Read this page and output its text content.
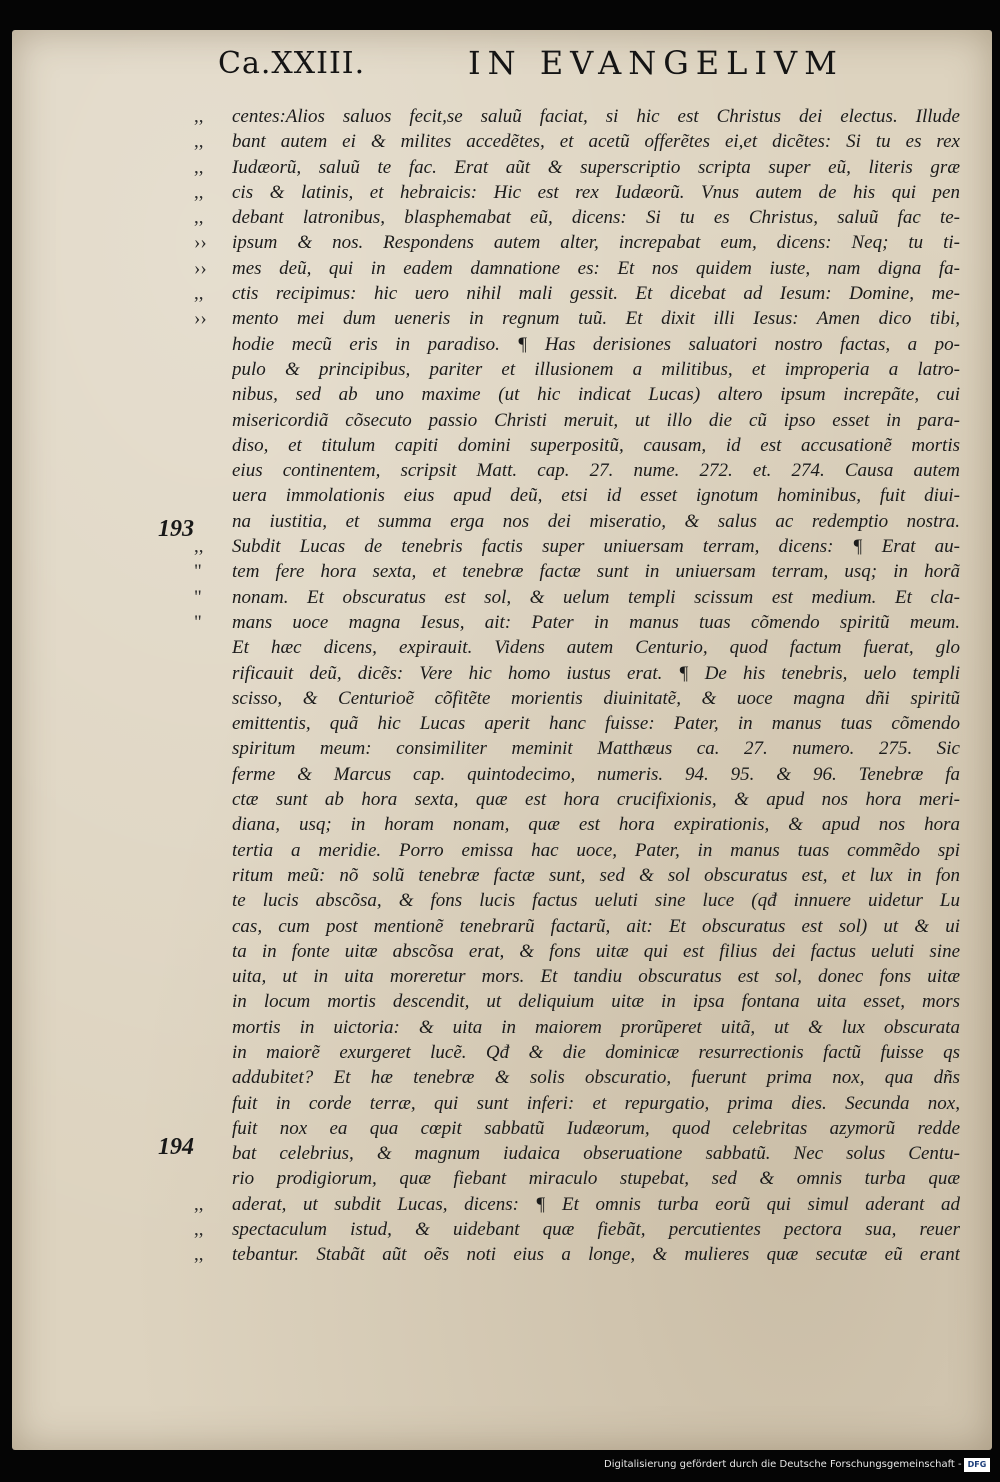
Ca.XXIII.	IN EVANGELIVM
,,
,,
,,
,,
,,
››
››
,,
››
,,
"
"
"
,,
,,
,,
193
194
centes:Alios saluos fecit,se saluũ faciat, si hic est Christus dei electus. Illude
bant autem ei & milites accedẽtes, et acetũ offerẽtes ei,et dicẽtes: Si tu es rex
Iudæorũ, saluũ te fac. Erat aũt & superscriptio scripta super eũ, literis græ
cis & latinis, et hebraicis: Hic est rex Iudæorũ. Vnus autem de his qui pen
debant latronibus, blasphemabat eũ, dicens: Si tu es Christus, saluũ fac te-
ipsum & nos. Respondens autem alter, increpabat eum, dicens: Neq; tu ti-
mes deũ, qui in eadem damnatione es: Et nos quidem iuste, nam digna fa-
ctis recipimus: hic uero nihil mali gessit. Et dicebat ad Iesum: Domine, me-
mento mei dum ueneris in regnum tuũ. Et dixit illi Iesus: Amen dico tibi,
hodie mecũ eris in paradiso. ¶ Has derisiones saluatori nostro factas, a po-
pulo & principibus, pariter et illusionem a militibus, et improperia a latro-
nibus, sed ab uno maxime (ut hic indicat Lucas) altero ipsum increpãte, cui
misericordiã cõsecuto passio Christi meruit, ut illo die cũ ipso esset in para-
diso, et titulum capiti domini superpositũ, causam, id est accusationẽ mortis
eius continentem, scripsit Matt. cap. 27. nume. 272. et. 274. Causa autem
uera immolationis eius apud deũ, etsi id esset ignotum hominibus, fuit diui-
na iustitia, et summa erga nos dei miseratio, & salus ac redemptio nostra.
Subdit Lucas de tenebris factis super uniuersam terram, dicens: ¶ Erat au-
tem fere hora sexta, et tenebræ factæ sunt in uniuersam terram, usq; in horã
nonam. Et obscuratus est sol, & uelum templi scissum est medium. Et cla-
mans uoce magna Iesus, ait: Pater in manus tuas cõmendo spiritũ meum.
Et hæc dicens, expirauit. Videns autem Centurio, quod factum fuerat, glo
rificauit deũ, dicẽs: Vere hic homo iustus erat. ¶ De his tenebris, uelo templi
scisso, & Centurioẽ cõfitẽte morientis diuinitatẽ, & uoce magna dñi spiritũ
emittentis, quã hic Lucas aperit hanc fuisse: Pater, in manus tuas cõmendo
spiritum meum: consimiliter meminit Matthæus ca. 27. numero. 275. Sic
ferme & Marcus cap. quintodecimo, numeris. 94. 95. & 96. Tenebræ fa
ctæ sunt ab hora sexta, quæ est hora crucifixionis, & apud nos hora meri-
diana, usq; in horam nonam, quæ est hora expirationis, & apud nos hora
tertia a meridie. Porro emissa hac uoce, Pater, in manus tuas commẽdo spi
ritum meũ: nõ solũ tenebræ factæ sunt, sed & sol obscuratus est, et lux in fon
te lucis abscõsa, & fons lucis factus ueluti sine luce (qđ innuere uidetur Lu
cas, cum post mentionẽ tenebrarũ factarũ, ait: Et obscuratus est sol) ut & ui
ta in fonte uitæ abscõsa erat, & fons uitæ qui est filius dei factus ueluti sine
uita, ut in uita moreretur mors. Et tandiu obscuratus est sol, donec fons uitæ
in locum mortis descendit, ut deliquium uitæ in ipsa fontana uita esset, mors
mortis in uictoria: & uita in maiorem prorũperet uitã, ut & lux obscurata
in maiorẽ exurgeret lucẽ. Qđ & die dominicæ resurrectionis factũ fuisse qs
addubitet? Et hæ tenebræ & solis obscuratio, fuerunt prima nox, qua dñs
fuit in corde terræ, qui sunt inferi: et repurgatio, prima dies. Secunda nox,
fuit nox ea qua cœpit sabbatũ Iudæorum, quod celebritas azymorũ redde
bat celebrius, & magnum iudaica obseruatione sabbatũ. Nec solus Centu-
rio prodigiorum, quæ fiebant miraculo stupebat, sed & omnis turba quæ
aderat, ut subdit Lucas, dicens: ¶ Et omnis turba eorũ qui simul aderant ad
spectaculum istud, & uidebant quæ fiebãt, percutientes pectora sua, reuer
tebantur. Stabãt aũt oẽs noti eius a longe, & mulieres quæ secutæ eũ erant
Digitalisierung gefördert durch die Deutsche Forschungsgemeinschaft - DFG
